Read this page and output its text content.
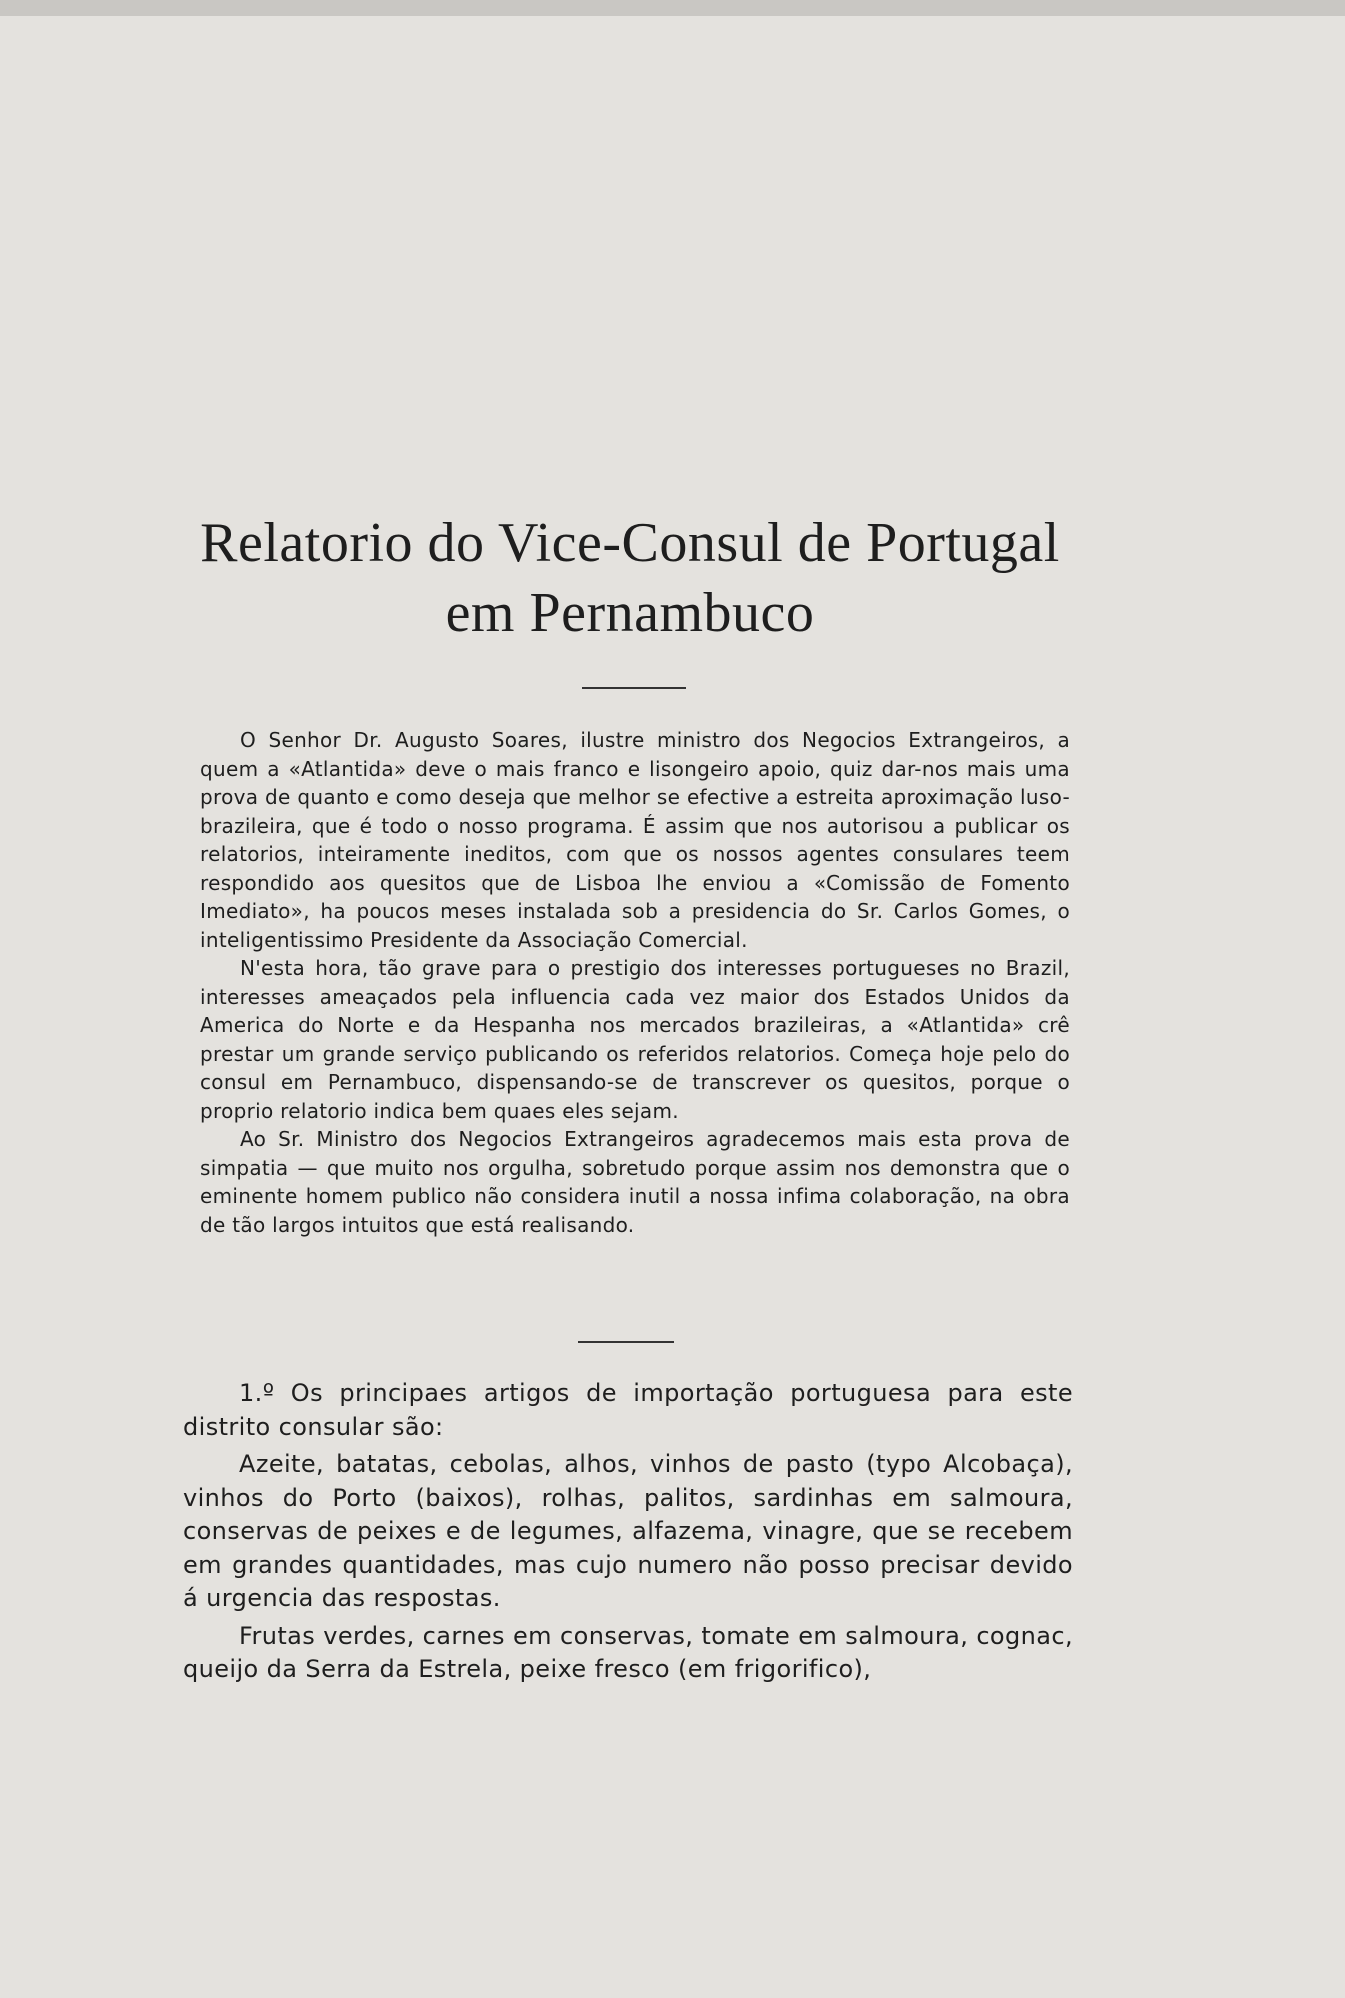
Relatorio do Vice-Consul de Portugal
em Pernambuco

O Senhor Dr. Augusto Soares, ilustre ministro dos Negocios Extrangeiros, a quem a «Atlantida» deve o mais franco e lisongeiro apoio, quiz dar-nos mais uma prova de quanto e como deseja que melhor se efective a estreita aproximação luso-brazileira, que é todo o nosso programa. É assim que nos autorisou a publicar os relatorios, inteiramente ineditos, com que os nossos agentes consulares teem respondido aos quesitos que de Lisboa lhe enviou a «Comissão de Fomento Imediato», ha poucos meses instalada sob a presidencia do Sr. Carlos Gomes, o inteligentissimo Presidente da Associação Comercial.

N'esta hora, tão grave para o prestigio dos interesses portugueses no Brazil, interesses ameaçados pela influencia cada vez maior dos Estados Unidos da America do Norte e da Hespanha nos mercados brazileiras, a «Atlantida» crê prestar um grande serviço publicando os referidos relatorios. Começa hoje pelo do consul em Pernambuco, dispensando-se de transcrever os quesitos, porque o proprio relatorio indica bem quaes eles sejam.

Ao Sr. Ministro dos Negocios Extrangeiros agradecemos mais esta prova de simpatia — que muito nos orgulha, sobretudo porque assim nos demonstra que o eminente homem publico não considera inutil a nossa infima colaboração, na obra de tão largos intuitos que está realisando.

1.º Os principaes artigos de importação portuguesa para este distrito consular são:

Azeite, batatas, cebolas, alhos, vinhos de pasto (typo Alcobaça), vinhos do Porto (baixos), rolhas, palitos, sardinhas em salmoura, conservas de peixes e de legumes, alfazema, vinagre, que se recebem em grandes quantidades, mas cujo numero não posso precisar devido á urgencia das respostas.

Frutas verdes, carnes em conservas, tomate em salmoura, cognac, queijo da Serra da Estrela, peixe fresco (em frigorifico),
